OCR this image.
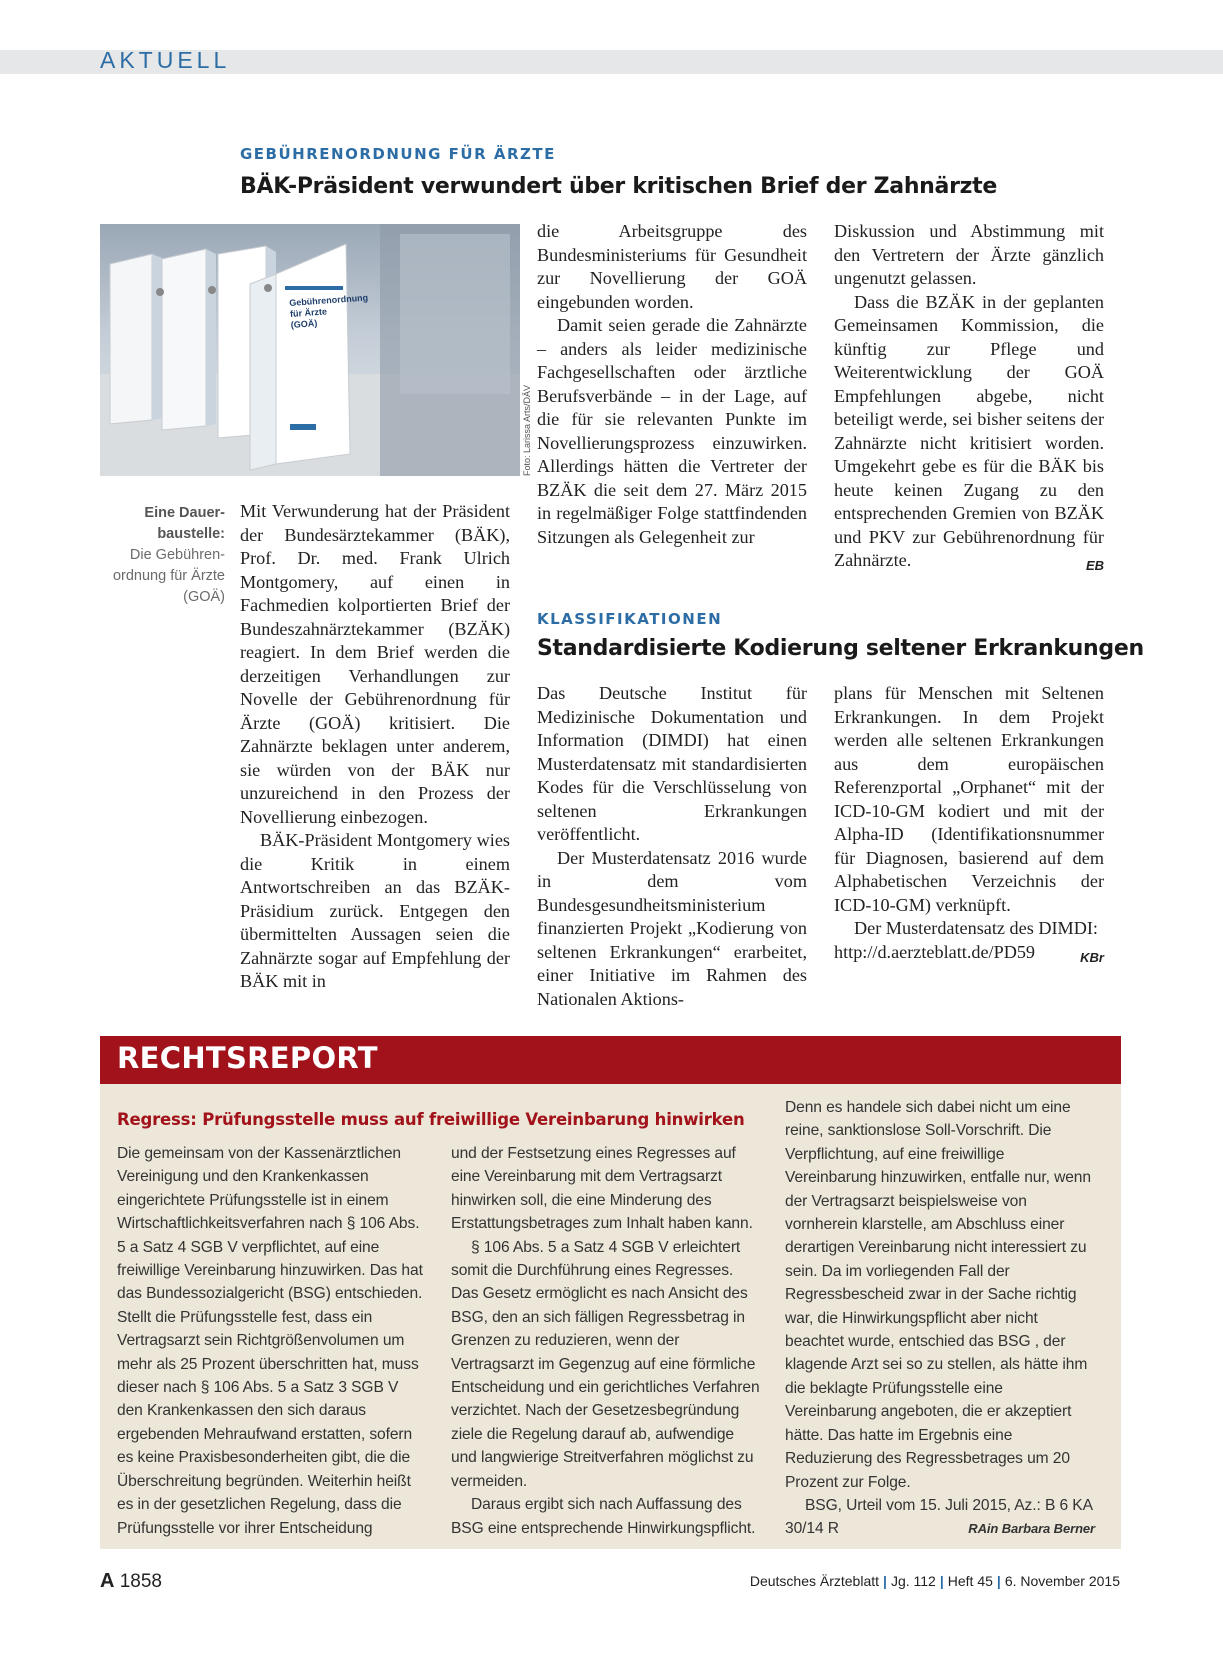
AKTUELL
GEBÜHRENORDNUNG FÜR ÄRZTE
BÄK-Präsident verwundert über kritischen Brief der Zahnärzte
Gebührenordnung für Ärzte (GOÄ)
Foto: Larissa Arts/DÄV
Eine Dauerbaustelle:
Die Gebührenordnung für Ärzte (GOÄ)

Mit Verwunderung hat der Präsident der Bundesärztekammer (BÄK), Prof. Dr. med. Frank Ulrich Montgomery, auf einen in Fachmedien kolportierten Brief der Bundeszahnärztekammer (BZÄK) reagiert. In dem Brief werden die derzeitigen Verhandlungen zur Novelle der Gebührenordnung für Ärzte (GOÄ) kritisiert. Die Zahnärzte beklagen unter anderem, sie würden von der BÄK nur unzureichend in den Prozess der Novellierung einbezogen.

BÄK-Präsident Montgomery wies die Kritik in einem Antwortschreiben an das BZÄK-Präsidium zurück. Entgegen den übermittelten Aussagen seien die Zahnärzte sogar auf Empfehlung der BÄK mit in

die Arbeitsgruppe des Bundesministeriums für Gesundheit zur Novellierung der GOÄ eingebunden worden.

Damit seien gerade die Zahnärzte – anders als leider medizinische Fachgesellschaften oder ärztliche Berufsverbände – in der Lage, auf die für sie relevanten Punkte im Novellierungsprozess einzuwirken. Allerdings hätten die Vertreter der BZÄK die seit dem 27. März 2015 in regelmäßiger Folge stattfindenden Sitzungen als Gelegenheit zur

Diskussion und Abstimmung mit den Vertretern der Ärzte gänzlich ungenutzt gelassen.

Dass die BZÄK in der geplanten Gemeinsamen Kommission, die künftig zur Pflege und Weiterentwicklung der GOÄ Empfehlungen abgebe, nicht beteiligt werde, sei bisher seitens der Zahnärzte nicht kritisiert worden. Umgekehrt gebe es für die BÄK bis heute keinen Zugang zu den entsprechenden Gremien von BZÄK und PKV zur Gebührenordnung für Zahnärzte.	EB

KLASSIFIKATIONEN
Standardisierte Kodierung seltener Erkrankungen

Das Deutsche Institut für Medizinische Dokumentation und Information (DIMDI) hat einen Musterdatensatz mit standardisierten Kodes für die Verschlüsselung von seltenen Erkrankungen veröffentlicht.

Der Musterdatensatz 2016 wurde in dem vom Bundesgesundheitsministerium finanzierten Projekt „Kodierung von seltenen Erkrankungen“ erarbeitet, einer Initiative im Rahmen des Nationalen Aktions-

plans für Menschen mit Seltenen Erkrankungen. In dem Projekt werden alle seltenen Erkrankungen aus dem europäischen Referenzportal „Orphanet“ mit der ICD-10-GM kodiert und mit der Alpha-ID (Identifikationsnummer für Diagnosen, basierend auf dem Alphabetischen Verzeichnis der ICD-10-GM) verknüpft.

Der Musterdatensatz des DIMDI: http://d.aerzteblatt.de/PD59	KBr

RECHTSREPORT
Regress: Prüfungsstelle muss auf freiwillige Vereinbarung hinwirken

Die gemeinsam von der Kassenärztlichen Vereinigung und den Krankenkassen eingerichtete Prüfungsstelle ist in einem Wirtschaftlichkeitsverfahren nach § 106 Abs. 5 a Satz 4 SGB V verpflichtet, auf eine freiwillige Vereinbarung hinzuwirken. Das hat das Bundessozialgericht (BSG) entschieden. Stellt die Prüfungsstelle fest, dass ein Vertragsarzt sein Richtgrößenvolumen um mehr als 25 Prozent überschritten hat, muss dieser nach § 106 Abs. 5 a Satz 3 SGB V den Krankenkassen den sich daraus ergebenden Mehraufwand erstatten, sofern es keine Praxisbesonderheiten gibt, die die Überschreitung begründen. Weiterhin heißt es in der gesetzlichen Regelung, dass die Prüfungsstelle vor ihrer Entscheidung

und der Festsetzung eines Regresses auf eine Vereinbarung mit dem Vertragsarzt hinwirken soll, die eine Minderung des Erstattungsbetrages zum Inhalt haben kann.

§ 106 Abs. 5 a Satz 4 SGB V erleichtert somit die Durchführung eines Regresses. Das Gesetz ermöglicht es nach Ansicht des BSG, den an sich fälligen Regressbetrag in Grenzen zu reduzieren, wenn der Vertragsarzt im Gegenzug auf eine förmliche Entscheidung und ein gerichtliches Verfahren verzichtet. Nach der Gesetzesbegründung ziele die Regelung darauf ab, aufwendige und langwierige Streitverfahren möglichst zu vermeiden.

Daraus ergibt sich nach Auffassung des BSG eine entsprechende Hinwirkungspflicht.

Denn es handele sich dabei nicht um eine reine, sanktionslose Soll-Vorschrift. Die Verpflichtung, auf eine freiwillige Vereinbarung hinzuwirken, entfalle nur, wenn der Vertragsarzt beispielsweise von vornherein klarstelle, am Abschluss einer derartigen Vereinbarung nicht interessiert zu sein. Da im vorliegenden Fall der Regressbescheid zwar in der Sache richtig war, die Hinwirkungspflicht aber nicht beachtet wurde, entschied das BSG , der klagende Arzt sei so zu stellen, als hätte ihm die beklagte Prüfungsstelle eine Vereinbarung angeboten, die er akzeptiert hätte. Das hatte im Ergebnis eine Reduzierung des Regressbetrages um 20 Prozent zur Folge.

BSG, Urteil vom 15. Juli 2015, Az.: B 6 KA 30/14 R	RAin Barbara Berner

A 1858	Deutsches Ärzteblatt | Jg. 112 | Heft 45 | 6. November 2015
